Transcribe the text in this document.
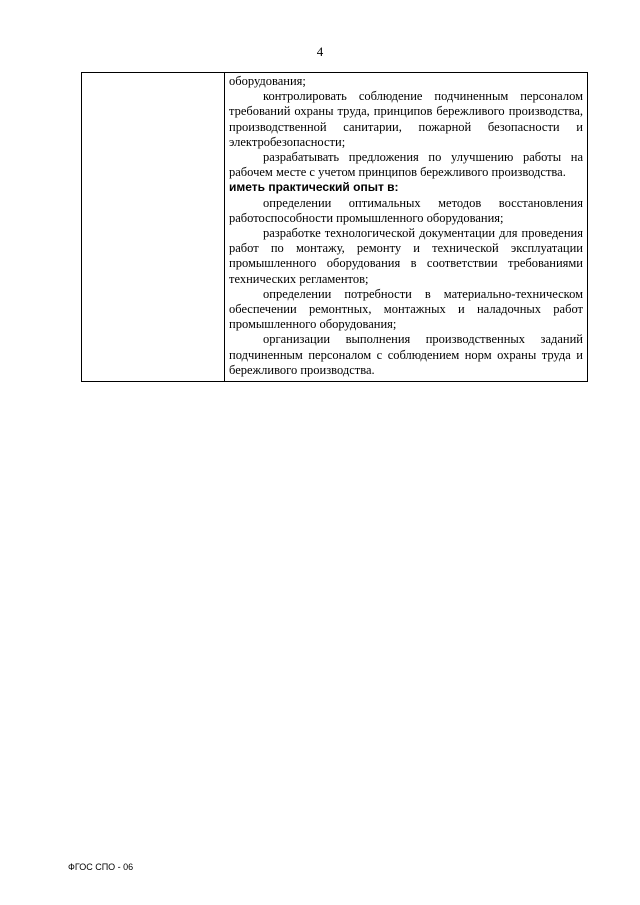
4

оборудования;

контролировать соблюдение подчиненным персоналом требований охраны труда, принципов бережливого производства, производственной санитарии, пожарной безопасности и электробезопасности;

разрабатывать предложения по улучшению работы на рабочем месте с учетом принципов бережливого производства.

иметь практический опыт в:

определении оптимальных методов восстановления работоспособности промышленного оборудования;

разработке технологической документации для проведения работ по монтажу, ремонту и технической эксплуатации промышленного оборудования в соответствии требованиями технических регламентов;

определении потребности в материально-техническом обеспечении ремонтных, монтажных и наладочных работ промышленного оборудования;

организации выполнения производственных заданий подчиненным персоналом с соблюдением норм охраны труда и бережливого производства.

ФГОС СПО - 06
